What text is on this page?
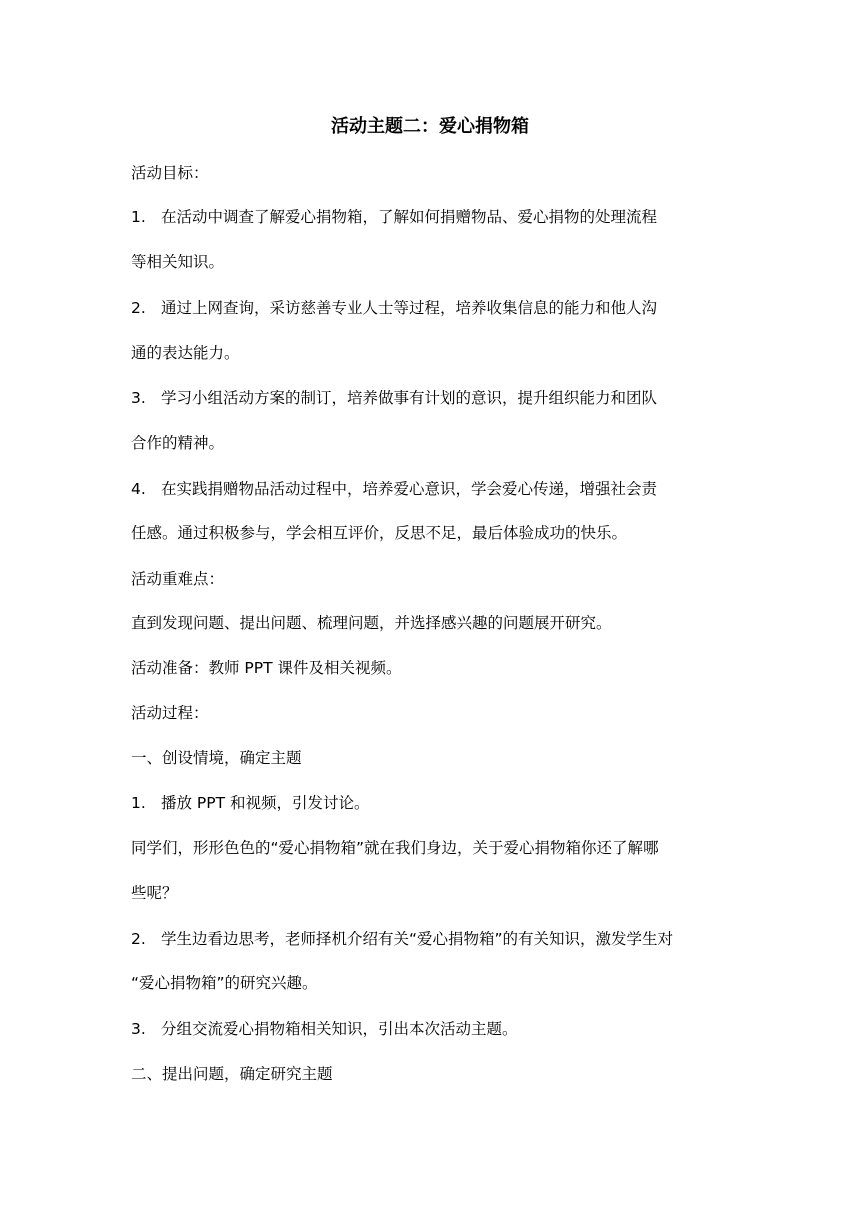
活动主题二：爱心捐物箱
活动目标：
1. 在活动中调查了解爱心捐物箱，了解如何捐赠物品、爱心捐物的处理流程
等相关知识。
2. 通过上网查询，采访慈善专业人士等过程，培养收集信息的能力和他人沟
通的表达能力。
3. 学习小组活动方案的制订，培养做事有计划的意识，提升组织能力和团队
合作的精神。
4. 在实践捐赠物品活动过程中，培养爱心意识，学会爱心传递，增强社会责
任感。通过积极参与，学会相互评价，反思不足，最后体验成功的快乐。
活动重难点：
直到发现问题、提出问题、梳理问题，并选择感兴趣的问题展开研究。
活动准备：教师 PPT 课件及相关视频。
活动过程：
一、创设情境，确定主题
1. 播放 PPT 和视频，引发讨论。
同学们，形形色色的“爱心捐物箱”就在我们身边，关于爱心捐物箱你还了解哪
些呢？
2. 学生边看边思考，老师择机介绍有关“爱心捐物箱”的有关知识，激发学生对
“爱心捐物箱”的研究兴趣。
3. 分组交流爱心捐物箱相关知识，引出本次活动主题。
二、提出问题，确定研究主题
